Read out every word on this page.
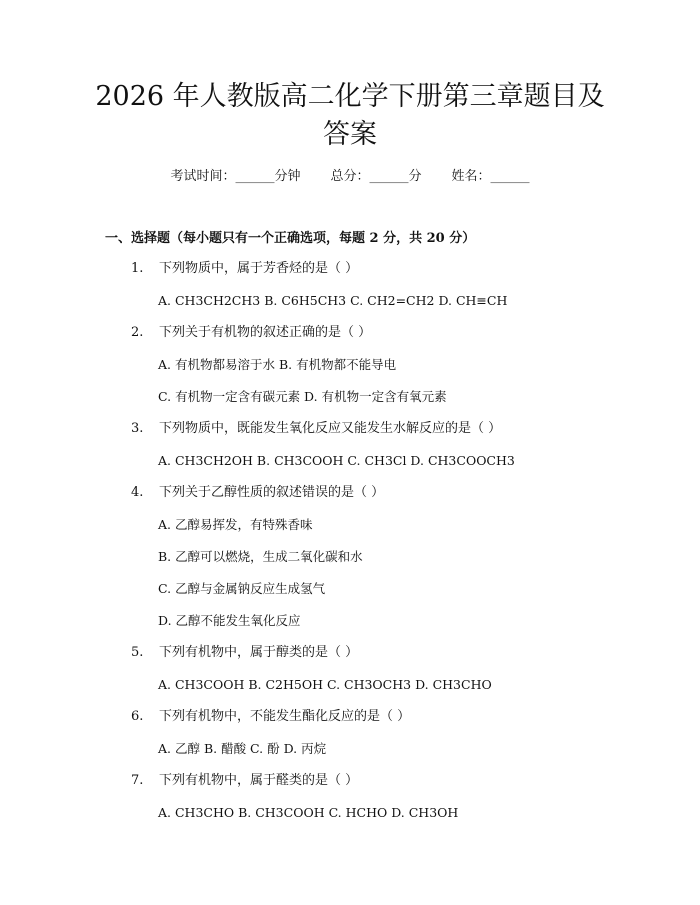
2026 年人教版高二化学下册第三章题目及答案
考试时间：______分钟 总分：______分 姓名：______
一、选择题（每小题只有一个正确选项，每题 2 分，共 20 分）
1. 下列物质中，属于芳香烃的是（ ）
A. CH3CH2CH3 B. C6H5CH3 C. CH2=CH2 D. CH≡CH
2. 下列关于有机物的叙述正确的是（ ）
A. 有机物都易溶于水 B. 有机物都不能导电
C. 有机物一定含有碳元素 D. 有机物一定含有氧元素
3. 下列物质中，既能发生氧化反应又能发生水解反应的是（ ）
A. CH3CH2OH B. CH3COOH C. CH3Cl D. CH3COOCH3
4. 下列关于乙醇性质的叙述错误的是（ ）
A. 乙醇易挥发，有特殊香味
B. 乙醇可以燃烧，生成二氧化碳和水
C. 乙醇与金属钠反应生成氢气
D. 乙醇不能发生氧化反应
5. 下列有机物中，属于醇类的是（ ）
A. CH3COOH B. C2H5OH C. CH3OCH3 D. CH3CHO
6. 下列有机物中，不能发生酯化反应的是（ ）
A. 乙醇 B. 醋酸 C. 酚 D. 丙烷
7. 下列有机物中，属于醛类的是（ ）
A. CH3CHO B. CH3COOH C. HCHO D. CH3OH
